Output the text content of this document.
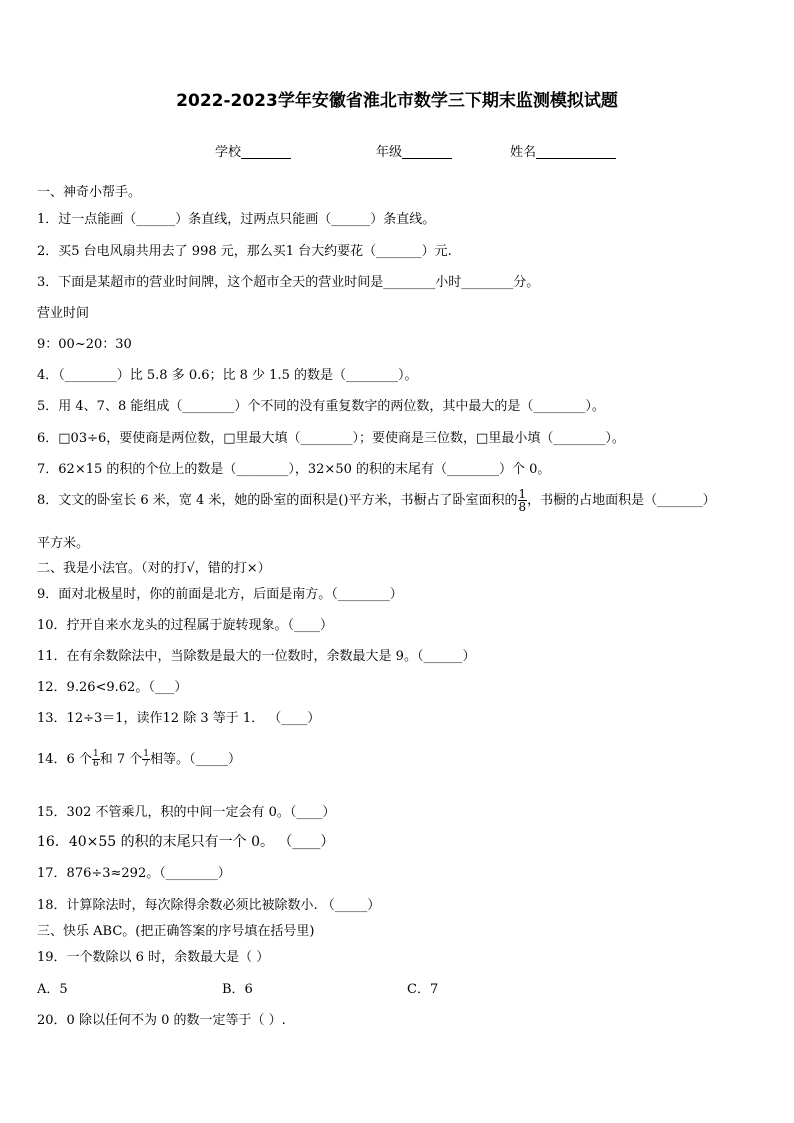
2022-2023学年安徽省淮北市数学三下期末监测模拟试题
学校	年级	姓名
一、神奇小帮手。
1．过一点能画（______）条直线，过两点只能画（______）条直线。
2．买5 台电风扇共用去了 998 元，那么买1 台大约要花（_______）元.
3．下面是某超市的营业时间牌，这个超市全天的营业时间是________小时________分。
营业时间
9：00~20：30
4．（________）比 5.8 多 0.6；比 8 少 1.5 的数是（________）。
5．用 4、7、8 能组成（________）个不同的没有重复数字的两位数，其中最大的是（________）。
6．□03÷6，要使商是两位数，□里最大填（________）；要使商是三位数，□里最小填（________）。
7．62×15 的积的个位上的数是（________），32×50 的积的末尾有（________）个 0。
8．文文的卧室长 6 米，宽 4 米，她的卧室的面积是()平方米，书橱占了卧室面积的 $\frac{1}{8}$ ，书橱的占地面积是（_______）
平方米。
二、我是小法官。（对的打√，错的打×）
9．面对北极星时，你的前面是北方，后面是南方。（________）
10．拧开自来水龙头的过程属于旋转现象。（____）
11．在有余数除法中，当除数是最大的一位数时，余数最大是 9。（______）
12．9.26<9.62。（___）
13．12÷3＝1，读作12 除 3 等于 1． （____）
14．6 个 $\frac{1}{6}$ 和 7 个 $\frac{1}{7}$ 相等。（_____）
15．302 不管乘几，积的中间一定会有 0。（____）
16．40×55 的积的末尾只有一个 0。 （____）
17．876÷3≈292。（________）
18．计算除法时，每次除得余数必须比被除数小. （_____）
三、快乐 ABC。(把正确答案的序号填在括号里)
19．一个数除以 6 时，余数最大是（ ）
A．5	B．6	C．7
20．0 除以任何不为 0 的数一定等于（ ）.
